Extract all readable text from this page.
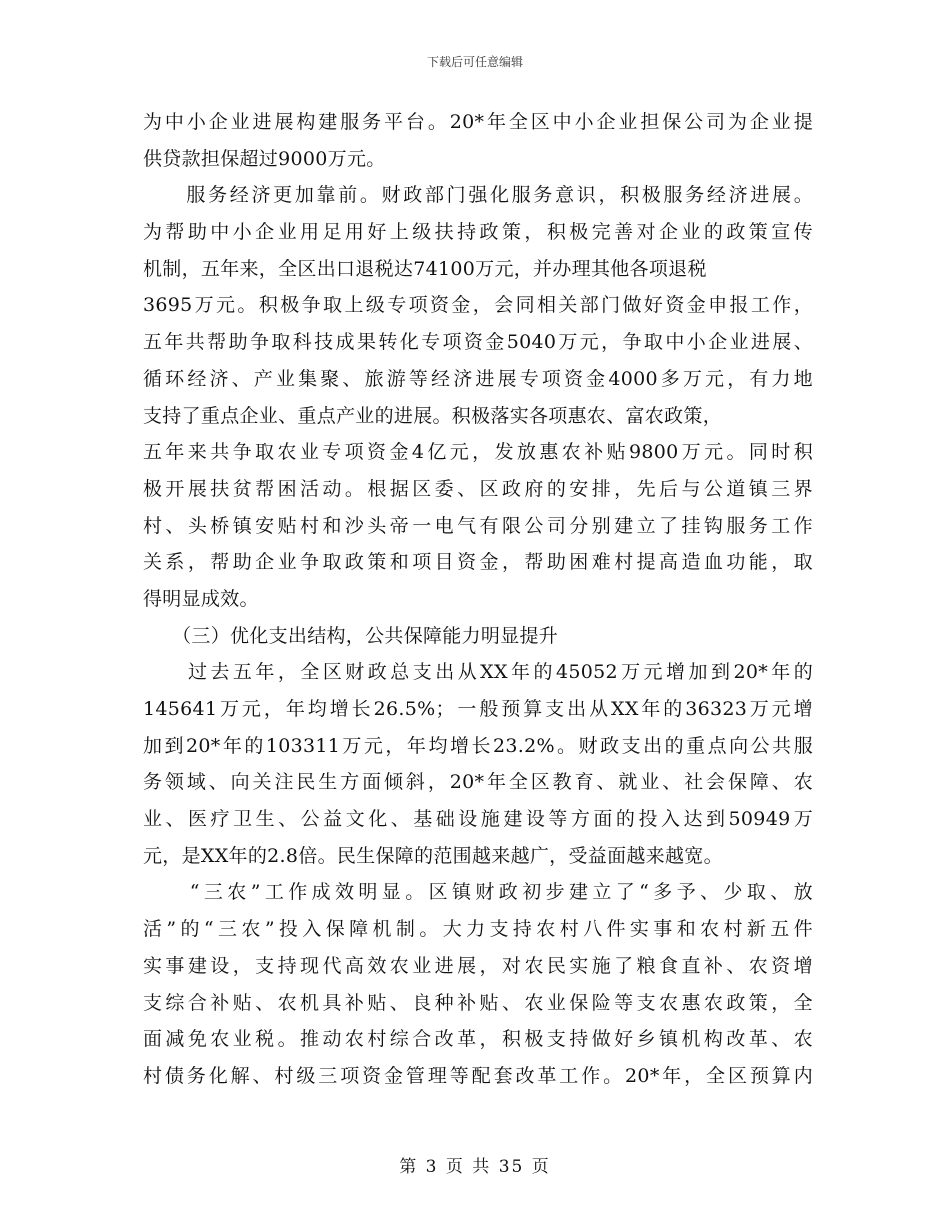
下载后可任意编辑
为中小企业进展构建服务平台。20*年全区中小企业担保公司为企业提
供贷款担保超过9000万元。
　　服务经济更加靠前。财政部门强化服务意识，积极服务经济进展。
为帮助中小企业用足用好上级扶持政策，积极完善对企业的政策宣传
机制，五年来，全区出口退税达74100万元，并办理其他各项退税
3695万元。积极争取上级专项资金，会同相关部门做好资金申报工作，
五年共帮助争取科技成果转化专项资金5040万元，争取中小企业进展、
循环经济、产业集聚、旅游等经济进展专项资金4000多万元，有力地
支持了重点企业、重点产业的进展。积极落实各项惠农、富农政策，
五年来共争取农业专项资金4亿元，发放惠农补贴9800万元。同时积
极开展扶贫帮困活动。根据区委、区政府的安排，先后与公道镇三界
村、头桥镇安贴村和沙头帝一电气有限公司分别建立了挂钩服务工作
关系，帮助企业争取政策和项目资金，帮助困难村提高造血功能，取
得明显成效。
　　（三）优化支出结构，公共保障能力明显提升
　　过去五年，全区财政总支出从XX年的45052万元增加到20*年的
145641万元，年均增长26.5%；一般预算支出从XX年的36323万元增
加到20*年的103311万元，年均增长23.2%。财政支出的重点向公共服
务领域、向关注民生方面倾斜，20*年全区教育、就业、社会保障、农
业、医疗卫生、公益文化、基础设施建设等方面的投入达到50949万
元，是XX年的2.8倍。民生保障的范围越来越广，受益面越来越宽。
　　“三农”工作成效明显。区镇财政初步建立了“多予、少取、放
活”的“三农”投入保障机制。大力支持农村八件实事和农村新五件
实事建设，支持现代高效农业进展，对农民实施了粮食直补、农资增
支综合补贴、农机具补贴、良种补贴、农业保险等支农惠农政策，全
面减免农业税。推动农村综合改革，积极支持做好乡镇机构改革、农
村债务化解、村级三项资金管理等配套改革工作。20*年，全区预算内
第 3 页 共 35 页
